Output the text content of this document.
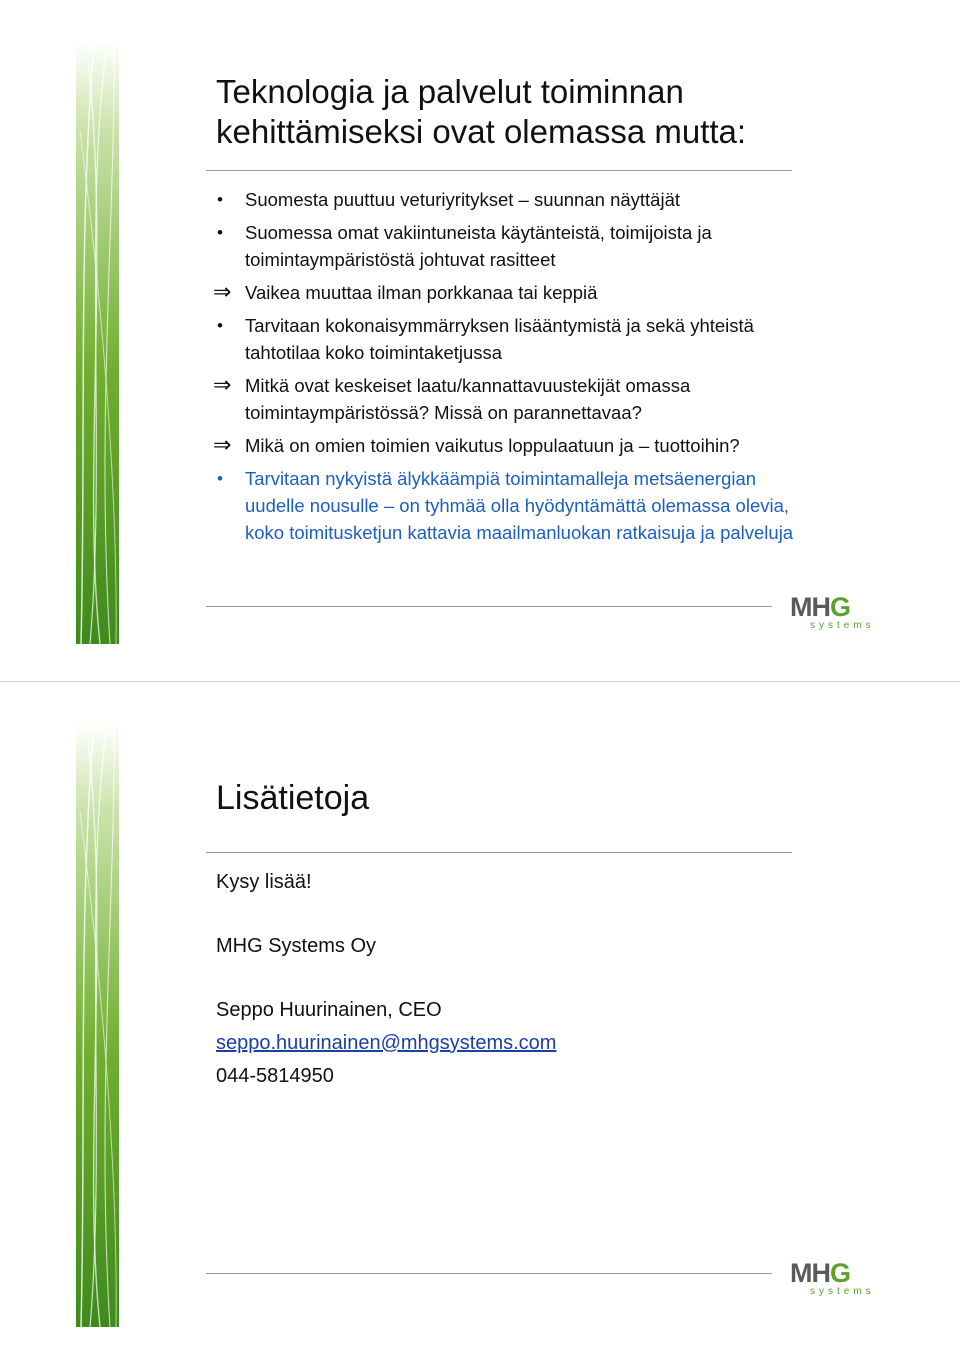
Teknologia ja palvelut toiminnan
kehittämiseksi ovat olemassa mutta:
• Suomesta puuttuu veturiyritykset – suunnan näyttäjät
• Suomessa omat vakiintuneista käytänteistä, toimijoista ja toimintaympäristöstä johtuvat rasitteet
⇒ Vaikea muuttaa ilman porkkanaa tai keppiä
• Tarvitaan kokonaisymmärryksen lisääntymistä ja sekä yhteistä tahtotilaa koko toimintaketjussa
⇒ Mitkä ovat keskeiset laatu/kannattavuustekijät omassa toimintaympäristössä? Missä on parannettavaa?
⇒ Mikä on omien toimien vaikutus loppulaatuun ja – tuottoihin?
• Tarvitaan nykyistä älykkäämpiä toimintamalleja metsäenergian uudelle nousulle – on tyhmää olla hyödyntämättä olemassa olevia, koko toimitusketjun kattavia maailmanluokan ratkaisuja ja palveluja
MHG
systems
Lisätietoja
Kysy lisää!
MHG Systems Oy
Seppo Huurinainen, CEO
seppo.huurinainen@mhgsystems.com
044-5814950
MHG
systems
